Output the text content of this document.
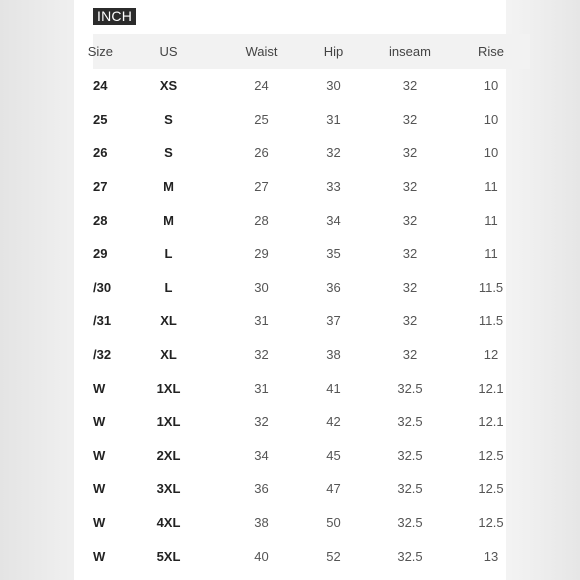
INCH
Size	US	Waist	Hip	inseam	Rise
24	XS	24	30	32	10
25	S	25	31	32	10
26	S	26	32	32	10
27	M	27	33	32	11
28	M	28	34	32	11
29	L	29	35	32	11
/30	L	30	36	32	11.5
/31	XL	31	37	32	11.5
/32	XL	32	38	32	12
W	1XL	31	41	32.5	12.1
W	1XL	32	42	32.5	12.1
W	2XL	34	45	32.5	12.5
W	3XL	36	47	32.5	12.5
W	4XL	38	50	32.5	12.5
W	5XL	40	52	32.5	13
